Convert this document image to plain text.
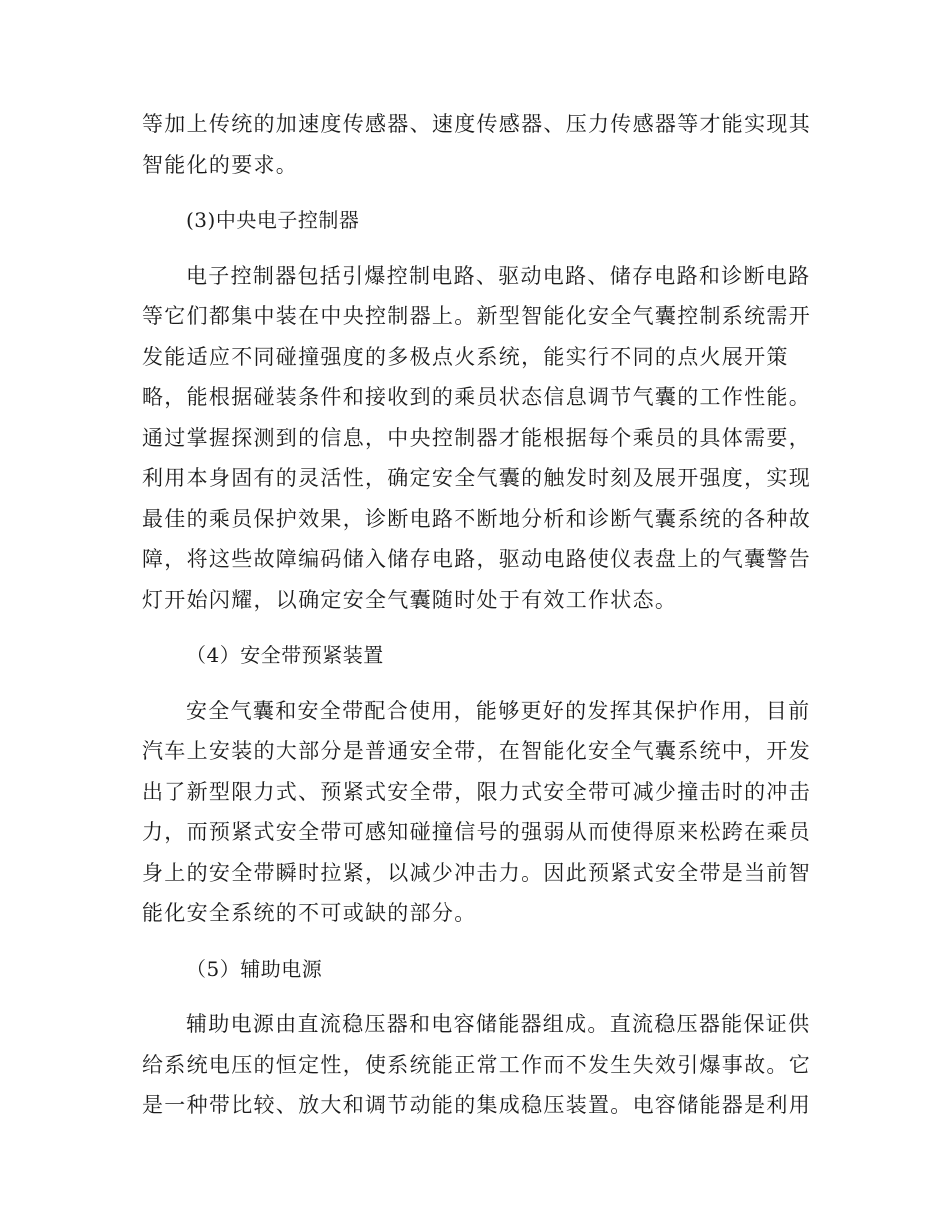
等加上传统的加速度传感器、速度传感器、压力传感器等才能实现其
智能化的要求。
(3)中央电子控制器
电子控制器包括引爆控制电路、驱动电路、储存电路和诊断电路
等它们都集中装在中央控制器上。新型智能化安全气囊控制系统需开
发能适应不同碰撞强度的多极点火系统，能实行不同的点火展开策
略，能根据碰装条件和接收到的乘员状态信息调节气囊的工作性能。
通过掌握探测到的信息，中央控制器才能根据每个乘员的具体需要，
利用本身固有的灵活性，确定安全气囊的触发时刻及展开强度，实现
最佳的乘员保护效果，诊断电路不断地分析和诊断气囊系统的各种故
障，将这些故障编码储入储存电路，驱动电路使仪表盘上的气囊警告
灯开始闪耀，以确定安全气囊随时处于有效工作状态。
（4）安全带预紧装置
安全气囊和安全带配合使用，能够更好的发挥其保护作用，目前
汽车上安装的大部分是普通安全带，在智能化安全气囊系统中，开发
出了新型限力式、预紧式安全带，限力式安全带可减少撞击时的冲击
力，而预紧式安全带可感知碰撞信号的强弱从而使得原来松跨在乘员
身上的安全带瞬时拉紧，以减少冲击力。因此预紧式安全带是当前智
能化安全系统的不可或缺的部分。
（5）辅助电源
辅助电源由直流稳压器和电容储能器组成。直流稳压器能保证供
给系统电压的恒定性，使系统能正常工作而不发生失效引爆事故。它
是一种带比较、放大和调节动能的集成稳压装置。电容储能器是利用
